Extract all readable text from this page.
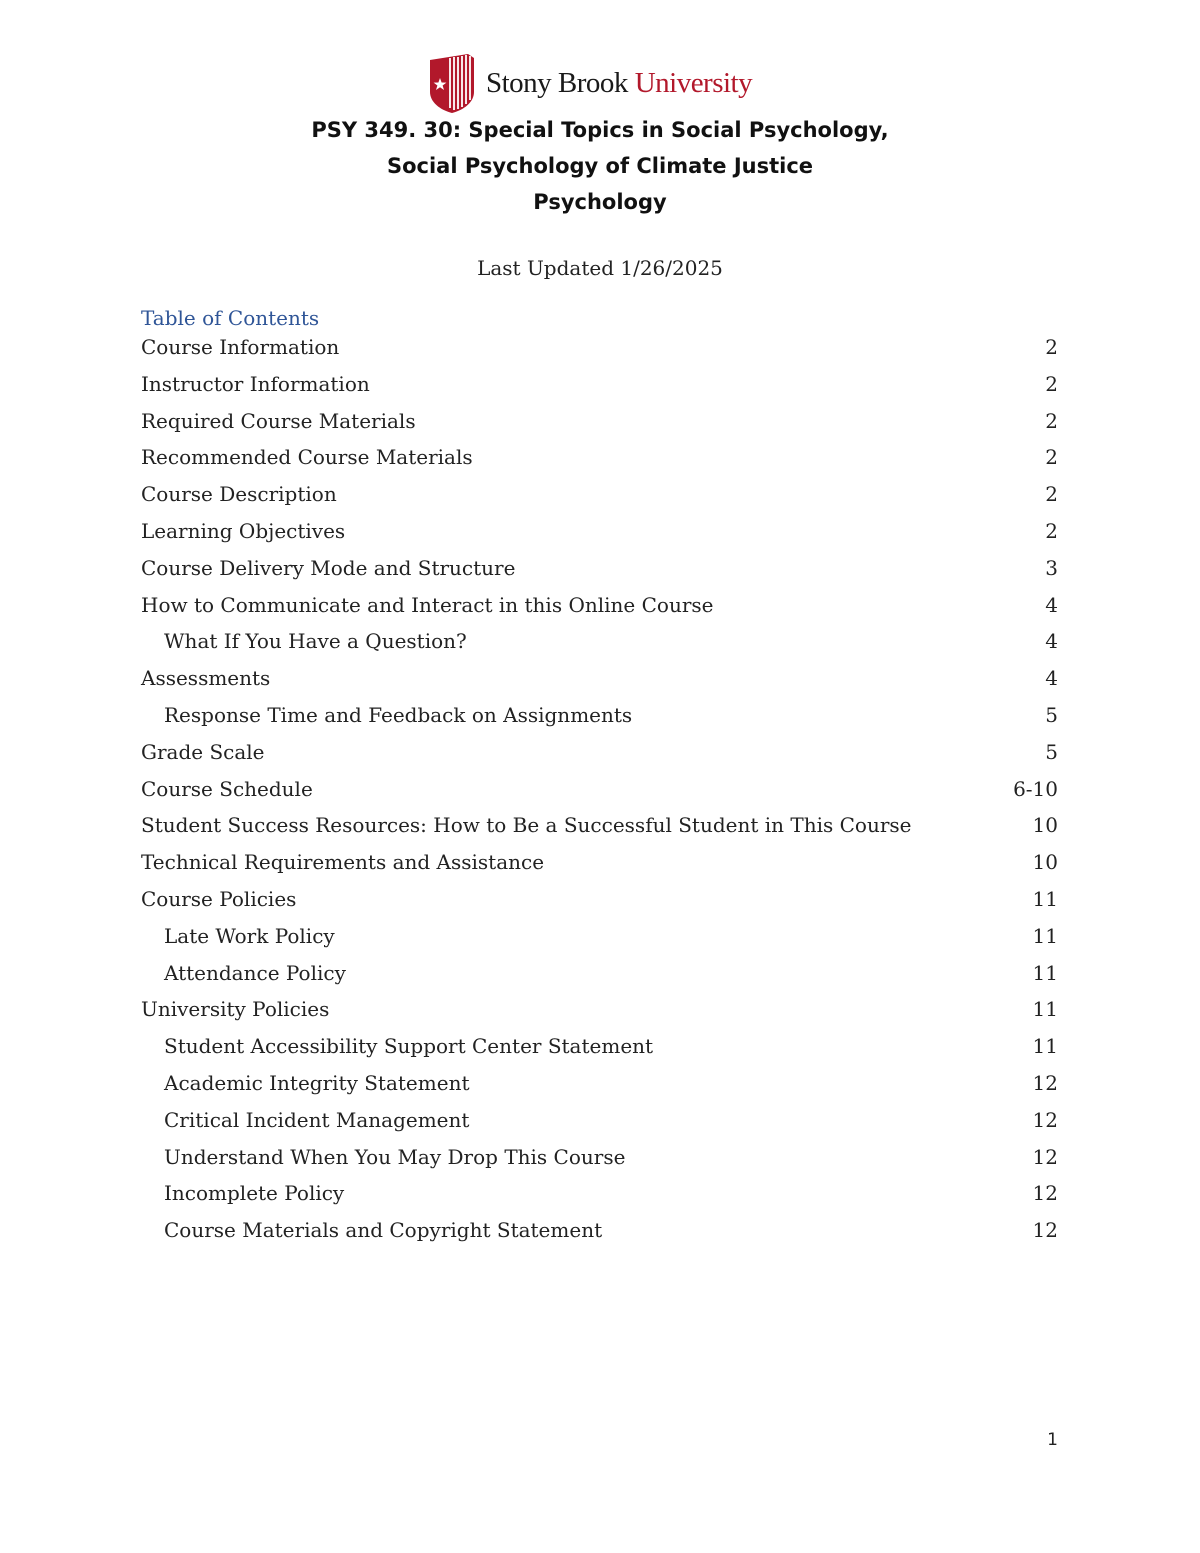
Stony Brook University
PSY 349. 30: Special Topics in Social Psychology,
Social Psychology of Climate Justice
Psychology
Last Updated 1/26/2025
Table of Contents
Course Information	2
Instructor Information	2
Required Course Materials	2
Recommended Course Materials	2
Course Description	2
Learning Objectives	2
Course Delivery Mode and Structure	3
How to Communicate and Interact in this Online Course	4
What If You Have a Question?	4
Assessments	4
Response Time and Feedback on Assignments	5
Grade Scale	5
Course Schedule	6-10
Student Success Resources: How to Be a Successful Student in This Course	10
Technical Requirements and Assistance	10
Course Policies	11
Late Work Policy	11
Attendance Policy	11
University Policies	11
Student Accessibility Support Center Statement	11
Academic Integrity Statement	12
Critical Incident Management	12
Understand When You May Drop This Course	12
Incomplete Policy	12
Course Materials and Copyright Statement	12
1
